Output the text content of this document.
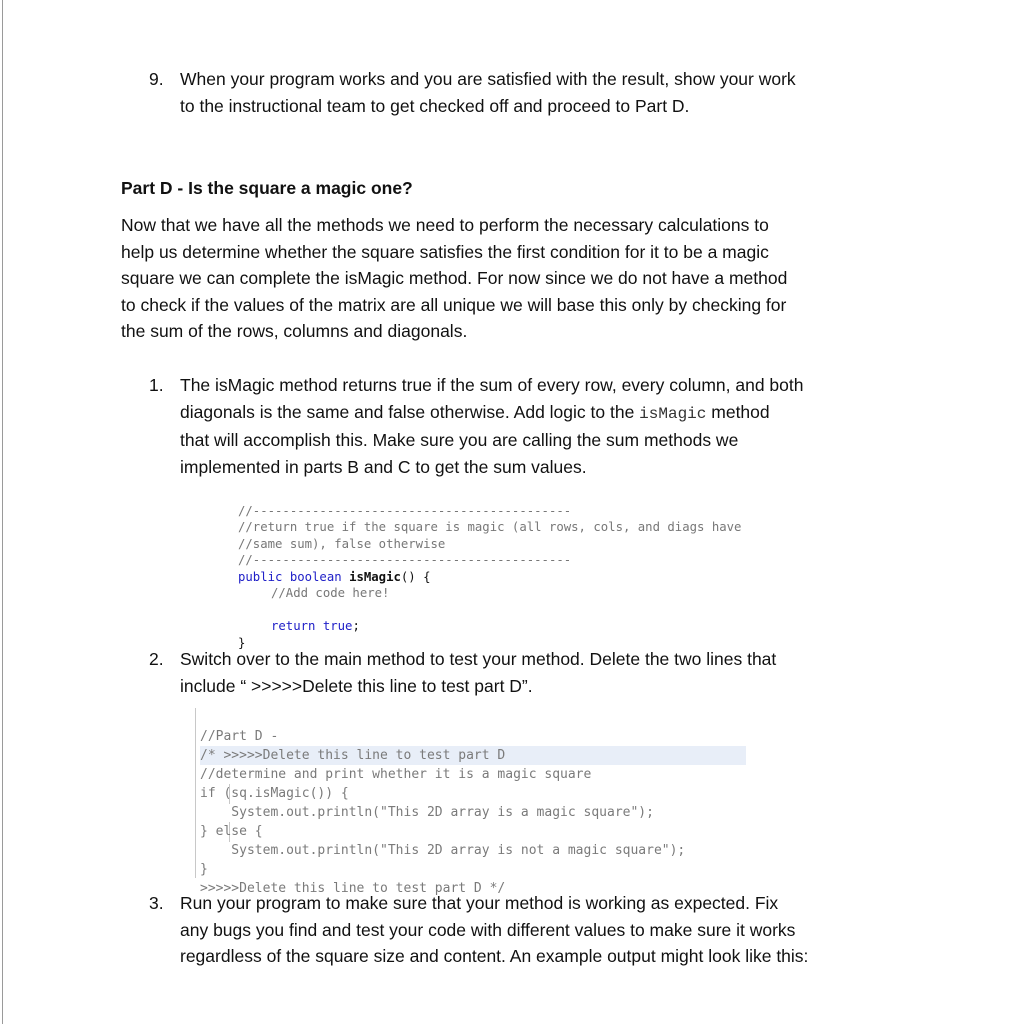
9. When your program works and you are satisfied with the result, show your work
to the instructional team to get checked off and proceed to Part D.
Part D - Is the square a magic one?
Now that we have all the methods we need to perform the necessary calculations to
help us determine whether the square satisfies the first condition for it to be a magic
square we can complete the isMagic method. For now since we do not have a method
to check if the values of the matrix are all unique we will base this only by checking for
the sum of the rows, columns and diagonals.
1. The isMagic method returns true if the sum of every row, every column, and both
diagonals is the same and false otherwise. Add logic to the isMagic method
that will accomplish this. Make sure you are calling the sum methods we
implemented in parts B and C to get the sum values.

//-------------------------------------------
//return true if the square is magic (all rows, cols, and diags have
//same sum), false otherwise
//-------------------------------------------
public boolean isMagic() {
//Add code here!
return true;
}

2. Switch over to the main method to test your method. Delete the two lines that
include “ >>>>>Delete this line to test part D”.

//Part D -
/* >>>>>Delete this line to test part D
//determine and print whether it is a magic square
if (sq.isMagic()) {
System.out.println("This 2D array is a magic square");
} else {
System.out.println("This 2D array is not a magic square");
}
>>>>>Delete this line to test part D */

3. Run your program to make sure that your method is working as expected. Fix
any bugs you find and test your code with different values to make sure it works
regardless of the square size and content. An example output might look like this:
